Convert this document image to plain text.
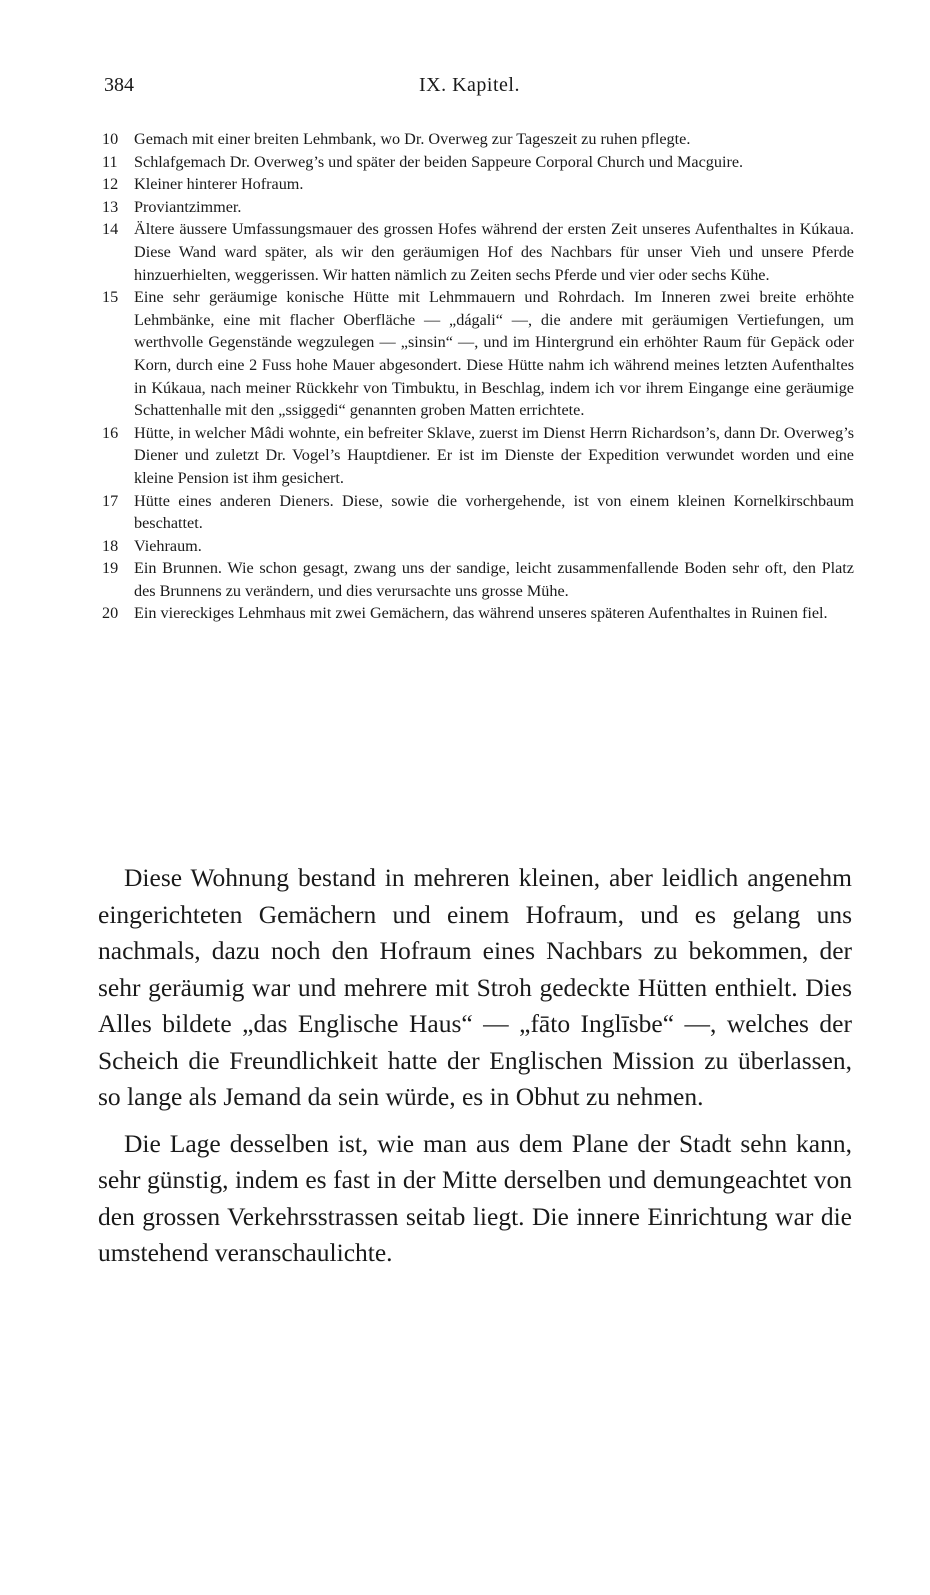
384	IX. Kapitel.
10 Gemach mit einer breiten Lehmbank, wo Dr. Overweg zur Tageszeit zu ruhen pflegte.
11	Schlafgemach Dr. Overweg’s und später der beiden Sappeure Corporal Church und Macguire.
12 Kleiner hinterer Hofraum.
13 Proviantzimmer.
14 Ältere äussere Umfassungsmauer des grossen Hofes während der ersten Zeit unseres Aufenthaltes in Kúkaua. Diese Wand ward später, als wir den geräumigen Hof des Nachbars für unser Vieh und unsere Pferde hinzuerhielten, weggerissen. Wir hatten nämlich zu Zeiten sechs Pferde und vier oder sechs Kühe.
15 Eine sehr geräumige konische Hütte mit Lehmmauern und Rohrdach. Im Inneren zwei breite erhöhte Lehmbänke, eine mit flacher Oberfläche — „dágali“ —, die andere mit geräumigen Vertiefungen, um werthvolle Gegenstände wegzulegen — „sinsin“ —, und im Hintergrund ein erhöhter Raum für Gepäck oder Korn, durch eine 2 Fuss hohe Mauer abgesondert. Diese Hütte nahm ich während meines letzten Aufenthaltes in Kúkaua, nach meiner Rückkehr von Timbuktu, in Beschlag, indem ich vor ihrem Eingange eine geräumige Schattenhalle mit den „ssigge̱di“ genannten groben Matten errichtete.
16 Hütte, in welcher Mâdi wohnte, ein befreiter Sklave, zuerst im Dienst Herrn Richardson’s, dann Dr. Overweg’s Diener und zuletzt Dr. Vogel’s Hauptdiener. Er ist im Dienste der Expedition verwundet worden und eine kleine Pension ist ihm gesichert.
17 Hütte eines anderen Dieners. Diese, sowie die vorhergehende, ist von einem kleinen Kornelkirschbaum beschattet.
18 Viehraum.
19 Ein Brunnen. Wie schon gesagt, zwang uns der sandige, leicht zusammenfallende Boden sehr oft, den Platz des Brunnens zu verändern, und dies verursachte uns grosse Mühe.
20 Ein viereckiges Lehmhaus mit zwei Gemächern, das während unseres späteren Aufenthaltes in Ruinen fiel.

Diese Wohnung bestand in mehreren kleinen, aber leidlich angenehm eingerichteten Gemächern und einem Hofraum, und es gelang uns nachmals, dazu noch den Hofraum eines Nachbars zu bekommen, der sehr geräumig war und mehrere mit Stroh gedeckte Hütten enthielt. Dies Alles bildete „das Englische Haus“ — „fāto Inglīsbe“ —, welches der Scheich die Freundlichkeit hatte der Englischen Mission zu überlassen, so lange als Jemand da sein würde, es in Obhut zu nehmen.

Die Lage desselben ist, wie man aus dem Plane der Stadt sehn kann, sehr günstig, indem es fast in der Mitte derselben und demungeachtet von den grossen Verkehrsstrassen seitab liegt. Die innere Einrichtung war die umstehend veranschaulichte.
